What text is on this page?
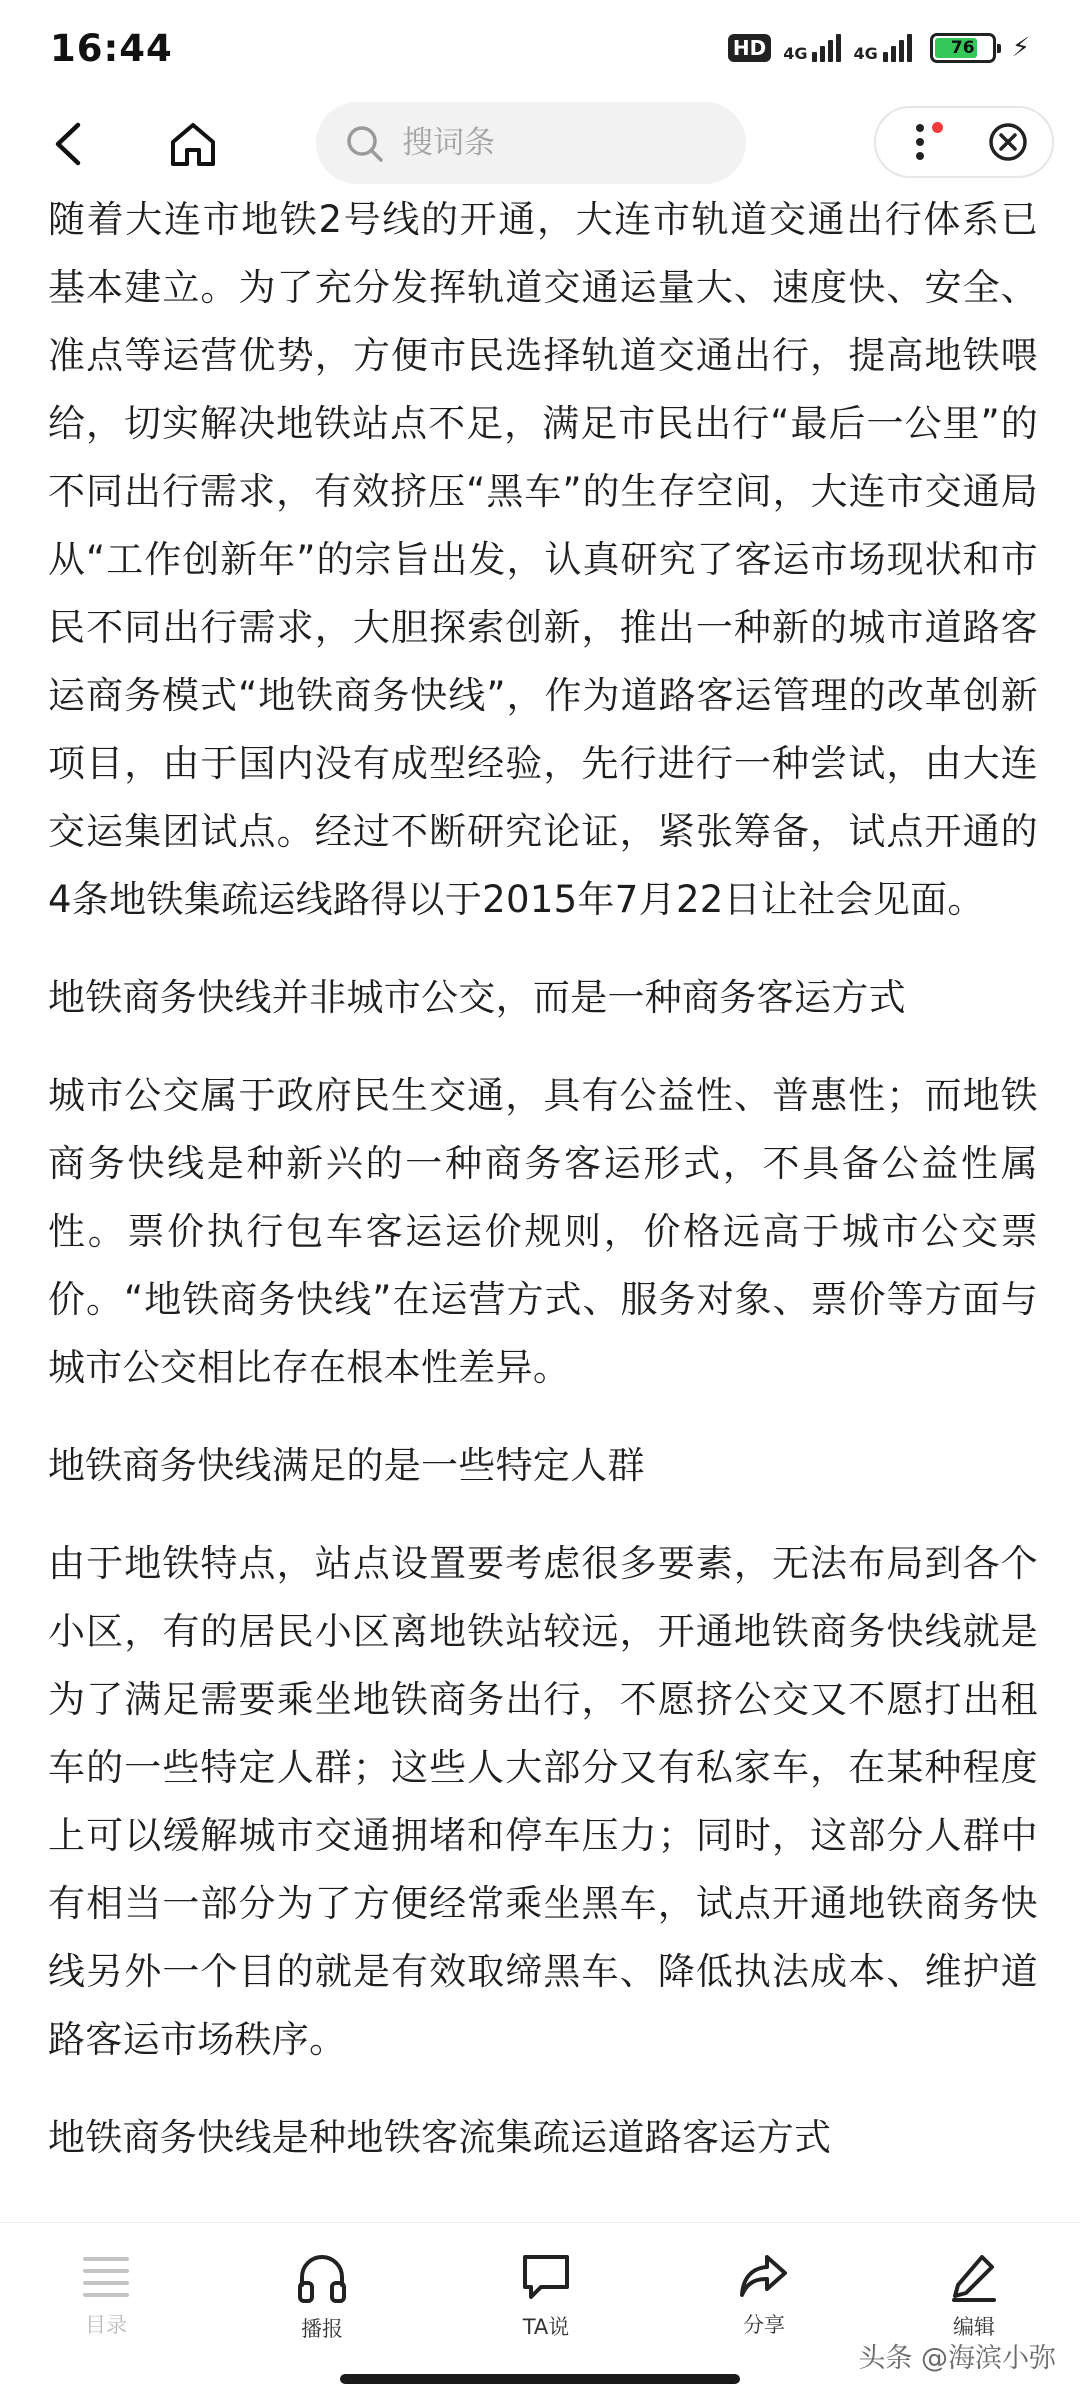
16:44	HD	4G	4G	76	⚡
搜词条

随着大连市地铁2号线的开通，大连市轨道交通出行体系已基本建立。为了充分发挥轨道交通运量大、速度快、安全、准点等运营优势，方便市民选择轨道交通出行，提高地铁喂给，切实解决地铁站点不足，满足市民出行“最后一公里”的不同出行需求，有效挤压“黑车”的生存空间，大连市交通局从“工作创新年”的宗旨出发，认真研究了客运市场现状和市民不同出行需求，大胆探索创新，推出一种新的城市道路客运商务模式“地铁商务快线”，作为道路客运管理的改革创新项目，由于国内没有成型经验，先行进行一种尝试，由大连交运集团试点。经过不断研究论证，紧张筹备，试点开通的4条地铁集疏运线路得以于2015年7月22日让社会见面。

地铁商务快线并非城市公交，而是一种商务客运方式

城市公交属于政府民生交通，具有公益性、普惠性；而地铁商务快线是种新兴的一种商务客运形式，不具备公益性属性。票价执行包车客运运价规则，价格远高于城市公交票价。“地铁商务快线”在运营方式、服务对象、票价等方面与城市公交相比存在根本性差异。

地铁商务快线满足的是一些特定人群

由于地铁特点，站点设置要考虑很多要素，无法布局到各个小区，有的居民小区离地铁站较远，开通地铁商务快线就是为了满足需要乘坐地铁商务出行，不愿挤公交又不愿打出租车的一些特定人群；这些人大部分又有私家车，在某种程度上可以缓解城市交通拥堵和停车压力；同时，这部分人群中有相当一部分为了方便经常乘坐黑车，试点开通地铁商务快线另外一个目的就是有效取缔黑车、降低执法成本、维护道路客运市场秩序。

地铁商务快线是种地铁客流集疏运道路客运方式

目录	播报	TA说	分享	编辑
头条 @海滨小弥
